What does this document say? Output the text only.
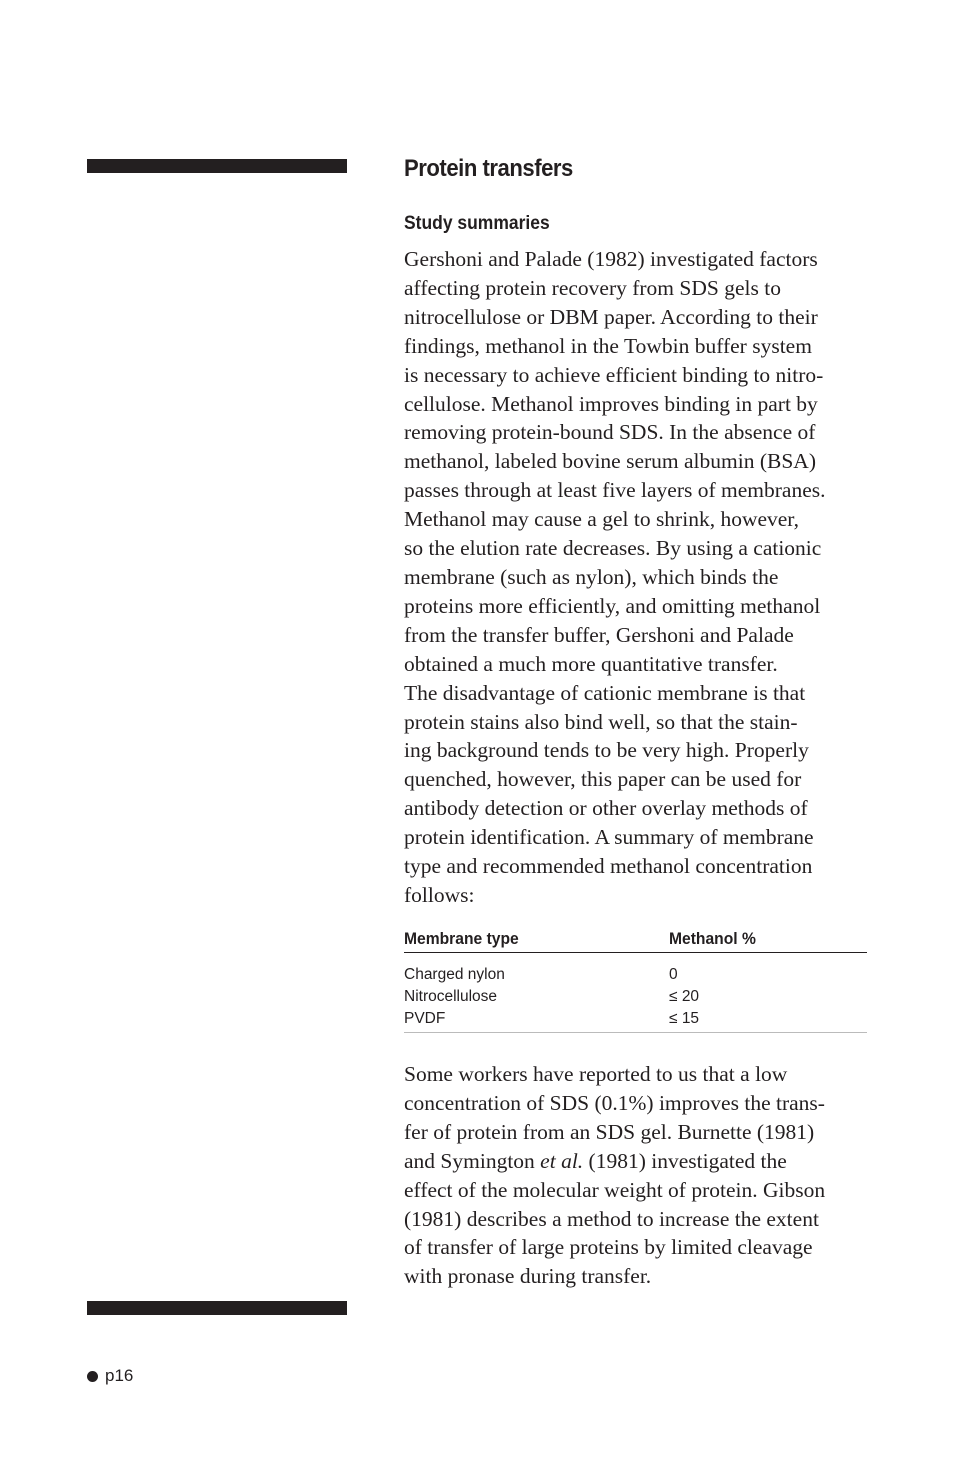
Protein transfers
Study summaries

Gershoni and Palade (1982) investigated factors
affecting protein recovery from SDS gels to
nitrocellulose or DBM paper. According to their
findings, methanol in the Towbin buffer system
is necessary to achieve efficient binding to nitro-
cellulose. Methanol improves binding in part by
removing protein-bound SDS. In the absence of
methanol, labeled bovine serum albumin (BSA)
passes through at least five layers of membranes.
Methanol may cause a gel to shrink, however,
so the elution rate decreases. By using a cationic
membrane (such as nylon), which binds the
proteins more efficiently, and omitting methanol
from the transfer buffer, Gershoni and Palade
obtained a much more quantitative transfer.
The disadvantage of cationic membrane is that
protein stains also bind well, so that the stain-
ing background tends to be very high. Properly
quenched, however, this paper can be used for
antibody detection or other overlay methods of
protein identification. A summary of membrane
type and recommended methanol concentration
follows:

Membrane type	Methanol %
Charged nylon	0
Nitrocellulose	≤ 20
PVDF	≤ 15

Some workers have reported to us that a low
concentration of SDS (0.1%) improves the trans-
fer of protein from an SDS gel. Burnette (1981)
and Symington et al. (1981) investigated the
effect of the molecular weight of protein. Gibson
(1981) describes a method to increase the extent
of transfer of large proteins by limited cleavage
with pronase during transfer.

p16
